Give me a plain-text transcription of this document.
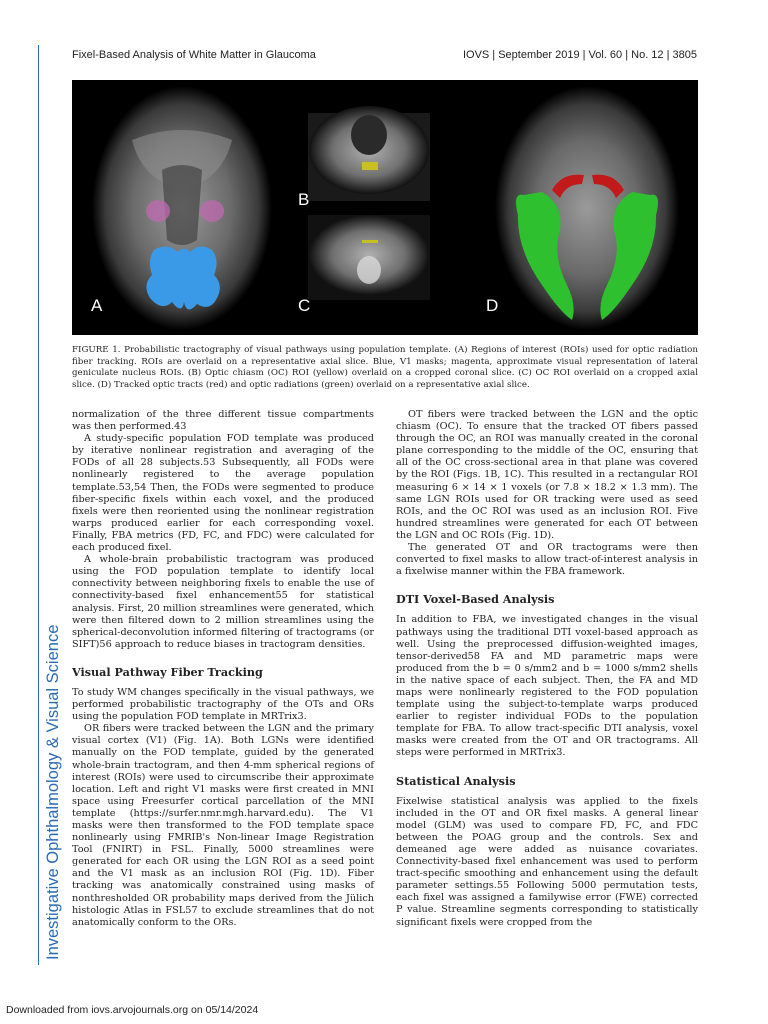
Fixel-Based Analysis of White Matter in Glaucoma	IOVS | September 2019 | Vol. 60 | No. 12 | 3805
Investigative Ophthalmology & Visual Science
A
B
C	D
FIGURE 1. Probabilistic tractography of visual pathways using population template. (A) Regions of interest (ROIs) used for optic radiation fiber tracking. ROIs are overlaid on a representative axial slice. Blue, V1 masks; magenta, approximate visual representation of lateral geniculate nucleus ROIs. (B) Optic chiasm (OC) ROI (yellow) overlaid on a cropped coronal slice. (C) OC ROI overlaid on a cropped axial slice. (D) Tracked optic tracts (red) and optic radiations (green) overlaid on a representative axial slice.

normalization of the three different tissue compartments was then performed.43

A study-specific population FOD template was produced by iterative nonlinear registration and averaging of the FODs of all 28 subjects.53 Subsequently, all FODs were nonlinearly registered to the average population template.53,54 Then, the FODs were segmented to produce fiber-specific fixels within each voxel, and the produced fixels were then reoriented using the nonlinear registration warps produced earlier for each corresponding voxel. Finally, FBA metrics (FD, FC, and FDC) were calculated for each produced fixel.

A whole-brain probabilistic tractogram was produced using the FOD population template to identify local connectivity between neighboring fixels to enable the use of connectivity-based fixel enhancement55 for statistical analysis. First, 20 million streamlines were generated, which were then filtered down to 2 million streamlines using the spherical-deconvolution informed filtering of tractograms (or SIFT)56 approach to reduce biases in tractogram densities.

Visual Pathway Fiber Tracking

To study WM changes specifically in the visual pathways, we performed probabilistic tractography of the OTs and ORs using the population FOD template in MRTrix3.

OR fibers were tracked between the LGN and the primary visual cortex (V1) (Fig. 1A). Both LGNs were identified manually on the FOD template, guided by the generated whole-brain tractogram, and then 4-mm spherical regions of interest (ROIs) were used to circumscribe their approximate location. Left and right V1 masks were first created in MNI space using Freesurfer cortical parcellation of the MNI template (https://surfer.nmr.mgh.harvard.edu). The V1 masks were then transformed to the FOD template space nonlinearly using FMRIB's Non-linear Image Registration Tool (FNIRT) in FSL. Finally, 5000 streamlines were generated for each OR using the LGN ROI as a seed point and the V1 mask as an inclusion ROI (Fig. 1D). Fiber tracking was anatomically constrained using masks of nonthresholded OR probability maps derived from the Jülich histologic Atlas in FSL57 to exclude streamlines that do not anatomically conform to the ORs.

OT fibers were tracked between the LGN and the optic chiasm (OC). To ensure that the tracked OT fibers passed through the OC, an ROI was manually created in the coronal plane corresponding to the middle of the OC, ensuring that all of the OC cross-sectional area in that plane was covered by the ROI (Figs. 1B, 1C). This resulted in a rectangular ROI measuring 6 × 14 × 1 voxels (or 7.8 × 18.2 × 1.3 mm). The same LGN ROIs used for OR tracking were used as seed ROIs, and the OC ROI was used as an inclusion ROI. Five hundred streamlines were generated for each OT between the LGN and OC ROIs (Fig. 1D).

The generated OT and OR tractograms were then converted to fixel masks to allow tract-of-interest analysis in a fixelwise manner within the FBA framework.

DTI Voxel-Based Analysis

In addition to FBA, we investigated changes in the visual pathways using the traditional DTI voxel-based approach as well. Using the preprocessed diffusion-weighted images, tensor-derived58 FA and MD parametric maps were produced from the b = 0 s/mm2 and b = 1000 s/mm2 shells in the native space of each subject. Then, the FA and MD maps were nonlinearly registered to the FOD population template using the subject-to-template warps produced earlier to register individual FODs to the population template for FBA. To allow tract-specific DTI analysis, voxel masks were created from the OT and OR tractograms. All steps were performed in MRTrix3.

Statistical Analysis

Fixelwise statistical analysis was applied to the fixels included in the OT and OR fixel masks. A general linear model (GLM) was used to compare FD, FC, and FDC between the POAG group and the controls. Sex and demeaned age were added as nuisance covariates. Connectivity-based fixel enhancement was used to perform tract-specific smoothing and enhancement using the default parameter settings.55 Following 5000 permutation tests, each fixel was assigned a familywise error (FWE) corrected P value. Streamline segments corresponding to statistically significant fixels were cropped from the

Downloaded from iovs.arvojournals.org on 05/14/2024
